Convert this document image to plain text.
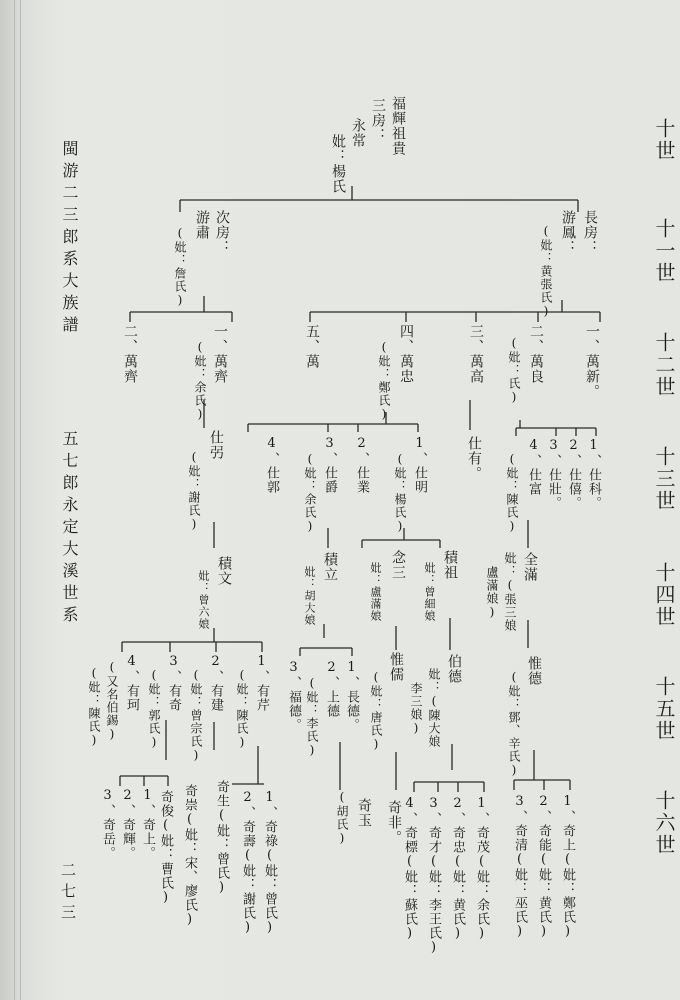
十世
十一世
十二世
十三世
十四世
十五世
十六世
閩游二三郎系大族譜
五七郎永定大溪世系
二七三
福輝祖貴
三房：
永常
妣：楊氏
長房：
游鳳：
(妣：黄張氏)
次房：
游肅
(妣：詹氏)
一、萬新。
二、萬良
(妣：氏)
三、萬高
四、萬忠
(妣：鄭氏)
五、萬
一、萬齊
(妣：余氏)
二、萬齊
1、仕科。
2、仕僖。
3、仕壯。
4、仕富
(妣：陳氏)
仕有。
1、仕明
(妣：楊氏)
2、仕業
3、仕爵
(妣：余氏)
4、仕郭
仕弜
(妣：謝氏)
全滿
妣：(張三娘
盧滿娘)
積祖
妣：曾細娘
念三
妣：盧滿娘
積立
妣：胡大娘
積文
妣：曾六娘
惟德
(妣：鄧、辛氏)
伯德
妣：(陳大娘
李三娘)
惟儒
(妣：唐氏)
1、長德。
2、上德
(妣：李氏)
3、福德。
1、有芹
(妣：陳氏)
2、有建
(妣：曾宗氏)
3、有奇
(妣：郭氏)
4、有珂
(又名伯錫)
(妣：陳氏)
1、奇上(妣：鄭氏)
2、奇能(妣：黄氏)
3、奇清(妣：巫氏)
1、奇茂(妣：余氏)
2、奇忠(妣：黄氏)
3、奇才(妣：李王氏)
4、奇標(妣：蘇氏)
奇非。
奇玉
(胡氏)
1、奇祿(妣：曾氏)
2、奇壽(妣：謝氏)
奇生(妣：曾氏)
奇崇(妣：宋、廖氏)
奇俊(妣：曹氏)
1、奇上。
2、奇輝。
3、奇岳。
